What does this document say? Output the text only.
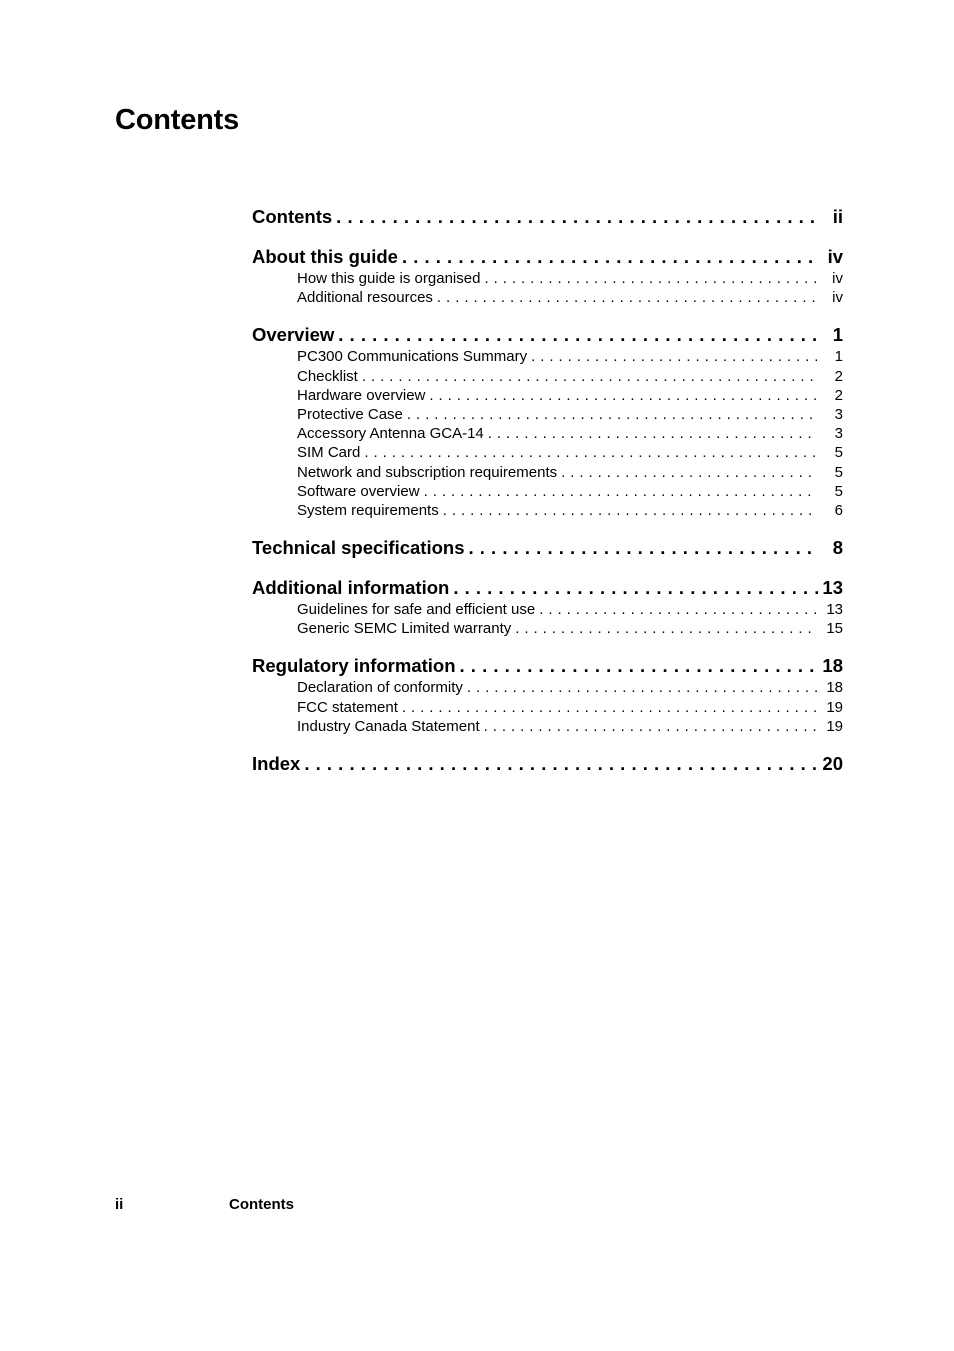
Contents
Contents . . .	ii
About this guide . . .	iv
How this guide is organised . . .	iv
Additional resources . . .	iv
Overview . . .	1
PC300 Communications Summary . . .	1
Checklist . . .	2
Hardware overview . . .	2
Protective Case . . .	3
Accessory Antenna GCA-14 . . .	3
SIM Card . . .	5
Network and subscription requirements . . .	5
Software overview . . .	5
System requirements . . .	6
Technical specifications . . .	8
Additional information . . .	13
Guidelines for safe and efficient use . . .	13
Generic SEMC Limited warranty . . .	15
Regulatory information . . .	18
Declaration of conformity . . .	18
FCC statement . . .	19
Industry Canada Statement . . .	19
Index . . .	20
ii	Contents
